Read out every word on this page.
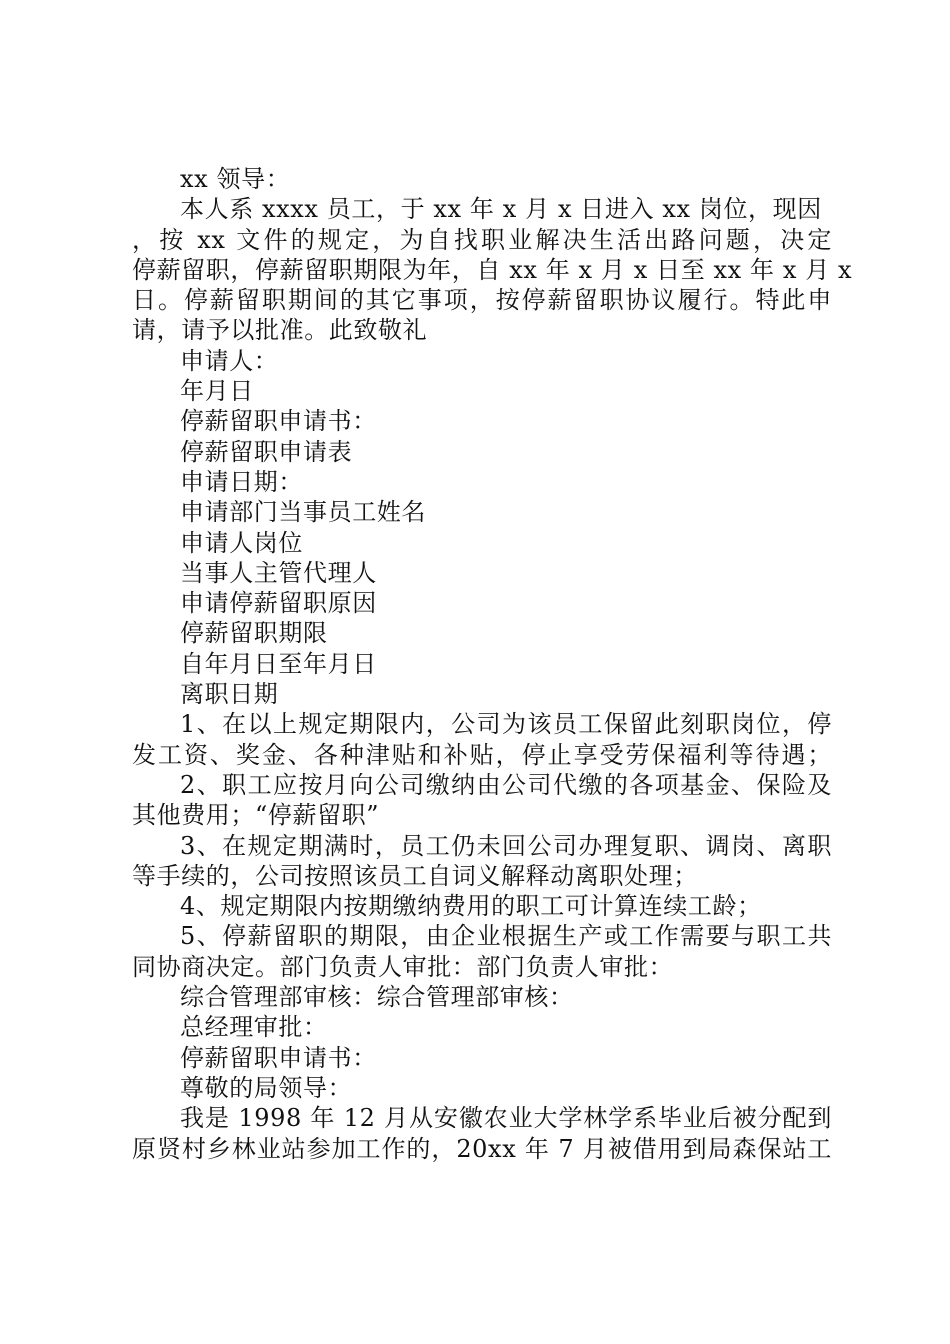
xx 领导：
本人系 xxxx 员工，于 xx 年 x 月 x 日进入 xx 岗位，现因
，按 xx 文件的规定，为自找职业解决生活出路问题，决定
停薪留职，停薪留职期限为年，自 xx 年 x 月 x 日至 xx 年 x 月 x
日。停薪留职期间的其它事项，按停薪留职协议履行。特此申
请，请予以批准。此致敬礼
申请人：
年月日
停薪留职申请书：
停薪留职申请表
申请日期：
申请部门当事员工姓名
申请人岗位
当事人主管代理人
申请停薪留职原因
停薪留职期限
自年月日至年月日
离职日期
1、在以上规定期限内，公司为该员工保留此刻职岗位，停
发工资、奖金、各种津贴和补贴，停止享受劳保福利等待遇；
2、职工应按月向公司缴纳由公司代缴的各项基金、保险及
其他费用；“停薪留职”
3、在规定期满时，员工仍未回公司办理复职、调岗、离职
等手续的，公司按照该员工自词义解释动离职处理；
4、规定期限内按期缴纳费用的职工可计算连续工龄；
5、停薪留职的期限，由企业根据生产或工作需要与职工共
同协商决定。部门负责人审批：部门负责人审批：
综合管理部审核：综合管理部审核：
总经理审批：
停薪留职申请书：
尊敬的局领导：
我是 1998 年 12 月从安徽农业大学林学系毕业后被分配到
原贤村乡林业站参加工作的，20xx 年 7 月被借用到局森保站工
